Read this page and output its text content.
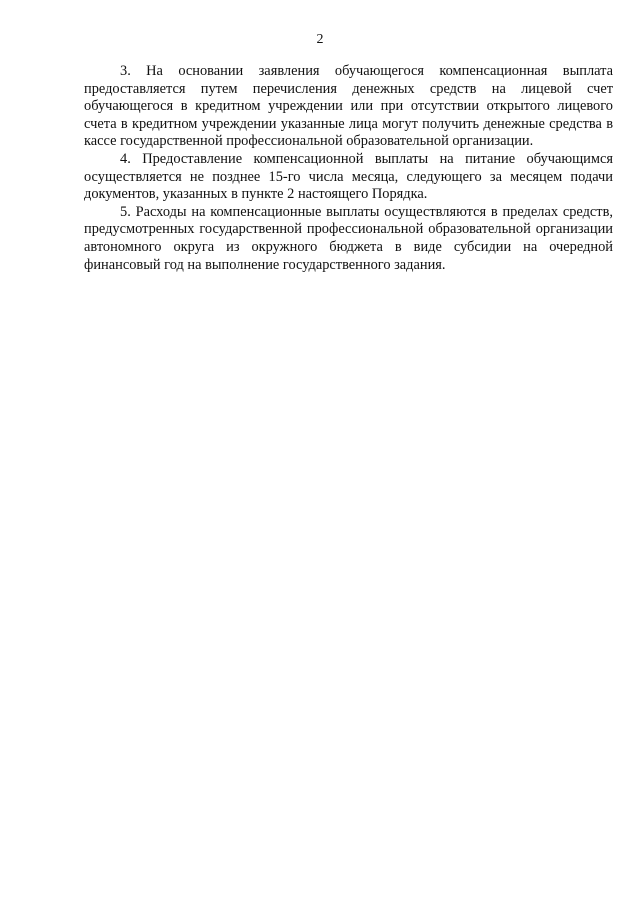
2

3. На основании заявления обучающегося компенсационная выплата предоставляется путем перечисления денежных средств на лицевой счет обучающегося в кредитном учреждении или при отсутствии открытого лицевого счета в кредитном учреждении указанные лица могут получить денежные средства в кассе государственной профессиональной образовательной организации.

4. Предоставление компенсационной выплаты на питание обучающимся осуществляется не позднее 15-го числа месяца, следующего за месяцем подачи документов, указанных в пункте 2 настоящего Порядка.

5. Расходы на компенсационные выплаты осуществляются в пределах средств, предусмотренных государственной профессиональной образовательной организации автономного округа из окружного бюджета в виде субсидии на очередной финансовый год на выполнение государственного задания.
